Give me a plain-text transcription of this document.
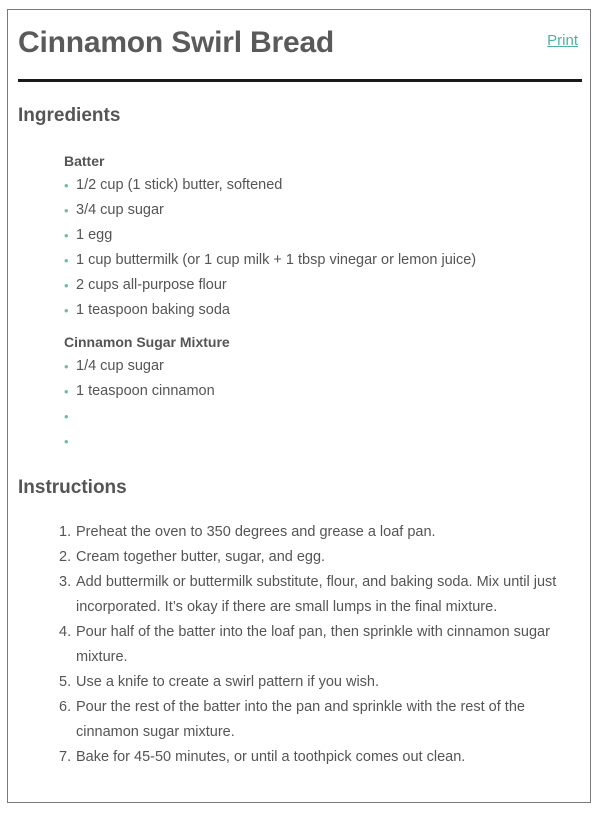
Cinnamon Swirl Bread	Print
Ingredients
Batter
• 1/2 cup (1 stick) butter, softened
• 3/4 cup sugar
• 1 egg
• 1 cup buttermilk (or 1 cup milk + 1 tbsp vinegar or lemon juice)
• 2 cups all-purpose flour
• 1 teaspoon baking soda
Cinnamon Sugar Mixture
• 1/4 cup sugar
• 1 teaspoon cinnamon
•
•
Instructions
1. Preheat the oven to 350 degrees and grease a loaf pan.
2. Cream together butter, sugar, and egg.
3. Add buttermilk or buttermilk substitute, flour, and baking soda. Mix until just incorporated. It’s okay if there are small lumps in the final mixture.
4. Pour half of the batter into the loaf pan, then sprinkle with cinnamon sugar mixture.
5. Use a knife to create a swirl pattern if you wish.
6. Pour the rest of the batter into the pan and sprinkle with the rest of the cinnamon sugar mixture.
7. Bake for 45-50 minutes, or until a toothpick comes out clean.
